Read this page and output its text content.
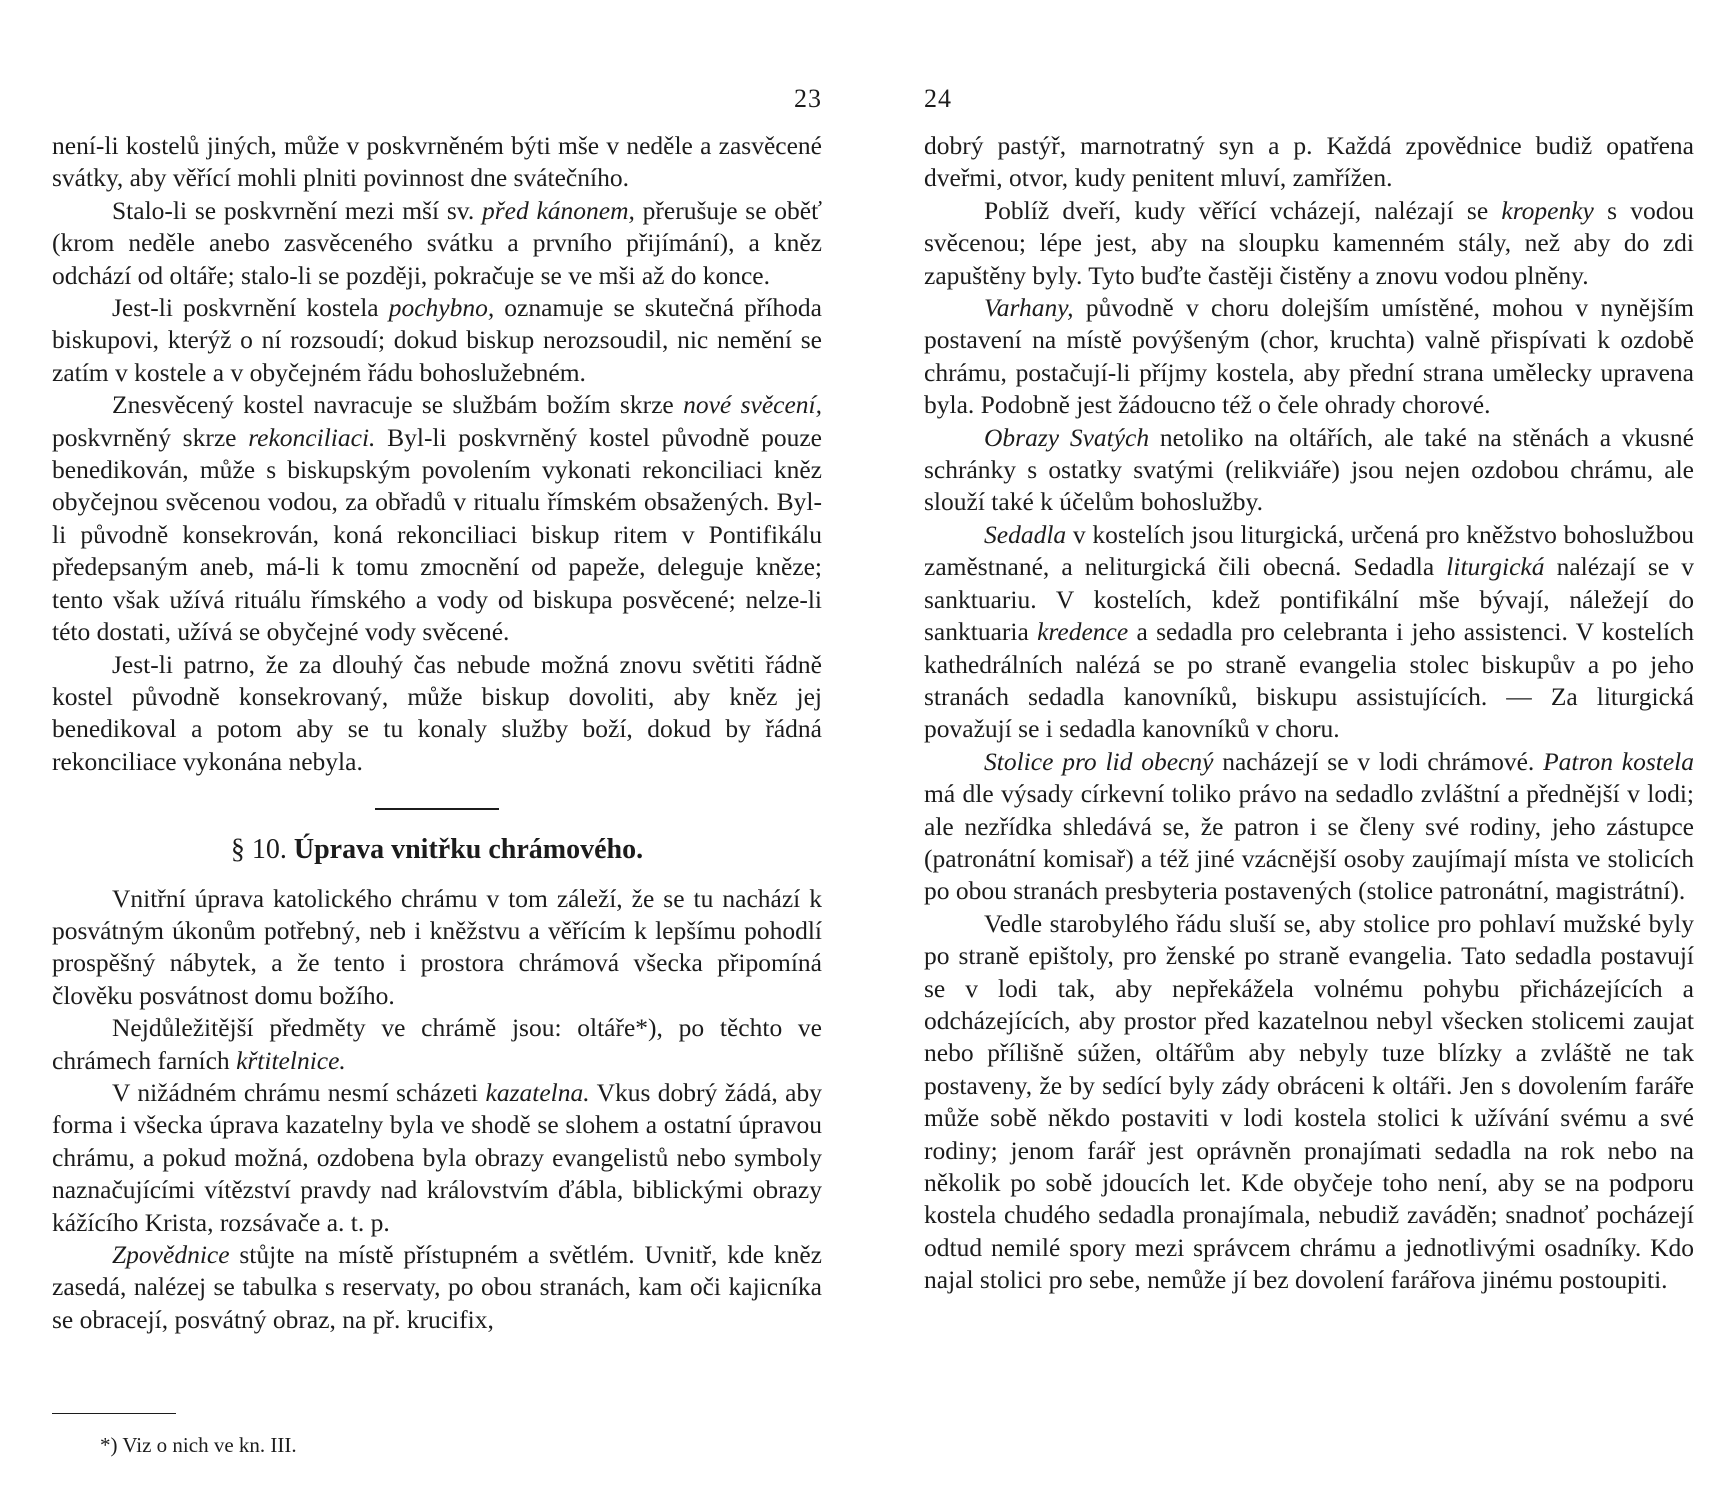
23

není-li kostelů jiných, může v poskvrněném býti mše v neděle a zasvěcené svátky, aby věřící mohli plniti povinnost dne svátečního.

Stalo-li se poskvrnění mezi mší sv. před kánonem, přerušuje se oběť (krom neděle anebo zasvěceného svátku a prvního přijímání), a kněz odchází od oltáře; stalo-li se později, pokračuje se ve mši až do konce.

Jest-li poskvrnění kostela pochybno, oznamuje se skutečná příhoda biskupovi, kterýž o ní rozsoudí; dokud biskup nerozsoudil, nic nemění se zatím v kostele a v obyčejném řádu bohoslužebném.

Znesvěcený kostel navracuje se službám božím skrze nové svěcení, poskvrněný skrze rekonciliaci. Byl-li poskvrněný kostel původně pouze benedikován, může s biskupským povolením vykonati rekonciliaci kněz obyčejnou svěcenou vodou, za obřadů v ritualu římském obsažených. Byl-li původně konsekrován, koná rekonciliaci biskup ritem v Pontifikálu předepsaným aneb, má-li k tomu zmocnění od papeže, deleguje kněze; tento však užívá rituálu římského a vody od biskupa posvěcené; nelze-li této dostati, užívá se obyčejné vody svěcené.

Jest-li patrno, že za dlouhý čas nebude možná znovu světiti řádně kostel původně konsekrovaný, může biskup dovoliti, aby kněz jej benedikoval a potom aby se tu konaly služby boží, dokud by řádná rekonciliace vykonána nebyla.

§ 10. Úprava vnitřku chrámového.

Vnitřní úprava katolického chrámu v tom záleží, že se tu nachází k posvátným úkonům potřebný, neb i kněžstvu a věřícím k lepšímu pohodlí prospěšný nábytek, a že tento i prostora chrámová všecka připomíná člověku posvátnost domu božího.

Nejdůležitější předměty ve chrámě jsou: oltáře*), po těchto ve chrámech farních křtitelnice.

V nižádném chrámu nesmí scházeti kazatelna. Vkus dobrý žádá, aby forma i všecka úprava kazatelny byla ve shodě se slohem a ostatní úpravou chrámu, a pokud možná, ozdobena byla obrazy evangelistů nebo symboly naznačujícími vítězství pravdy nad královstvím ďábla, biblickými obrazy kážícího Krista, rozsávače a. t. p.

Zpovědnice stůjte na místě přístupném a světlém. Uvnitř, kde kněz zasedá, nalézej se tabulka s reservaty, po obou stranách, kam oči kajicníka se obracejí, posvátný obraz, na př. krucifix,

*) Viz o nich ve kn. III.
24

dobrý pastýř, marnotratný syn a p. Každá zpovědnice budiž opatřena dveřmi, otvor, kudy penitent mluví, zamřížen.

Poblíž dveří, kudy věřící vcházejí, nalézají se kropenky s vodou svěcenou; lépe jest, aby na sloupku kamenném stály, než aby do zdi zapuštěny byly. Tyto buďte častěji čistěny a znovu vodou plněny.

Varhany, původně v choru dolejším umístěné, mohou v nynějším postavení na místě povýšeným (chor, kruchta) valně přispívati k ozdobě chrámu, postačují-li příjmy kostela, aby přední strana umělecky upravena byla. Podobně jest žádoucno též o čele ohrady chorové.

Obrazy Svatých netoliko na oltářích, ale také na stěnách a vkusné schránky s ostatky svatými (relikviáře) jsou nejen ozdobou chrámu, ale slouží také k účelům bohoslužby.

Sedadla v kostelích jsou liturgická, určená pro kněžstvo bohoslužbou zaměstnané, a neliturgická čili obecná. Sedadla liturgická nalézají se v sanktuariu. V kostelích, kdež pontifikální mše bývají, náležejí do sanktuaria kredence a sedadla pro celebranta i jeho assistenci. V kostelích kathedrálních nalézá se po straně evangelia stolec biskupův a po jeho stranách sedadla kanovníků, biskupu assistujících. — Za liturgická považují se i sedadla kanovníků v choru.

Stolice pro lid obecný nacházejí se v lodi chrámové. Patron kostela má dle výsady církevní toliko právo na sedadlo zvláštní a přednější v lodi; ale nezřídka shledává se, že patron i se členy své rodiny, jeho zástupce (patronátní komisař) a též jiné vzácnější osoby zaujímají místa ve stolicích po obou stranách presbyteria postavených (stolice patronátní, magistrátní).

Vedle starobylého řádu sluší se, aby stolice pro pohlaví mužské byly po straně epištoly, pro ženské po straně evangelia. Tato sedadla postavují se v lodi tak, aby nepřekážela volnému pohybu přicházejících a odcházejících, aby prostor před kazatelnou nebyl všecken stolicemi zaujat nebo přílišně súžen, oltářům aby nebyly tuze blízky a zvláště ne tak postaveny, že by sedící byly zády obráceni k oltáři. Jen s dovolením faráře může sobě někdo postaviti v lodi kostela stolici k užívání svému a své rodiny; jenom farář jest oprávněn pronajímati sedadla na rok nebo na několik po sobě jdoucích let. Kde obyčeje toho není, aby se na podporu kostela chudého sedadla pronajímala, nebudiž zaváděn; snadnoť pocházejí odtud nemilé spory mezi správcem chrámu a jednotlivými osadníky. Kdo najal stolici pro sebe, nemůže jí bez dovolení farářova jinému postoupiti.
